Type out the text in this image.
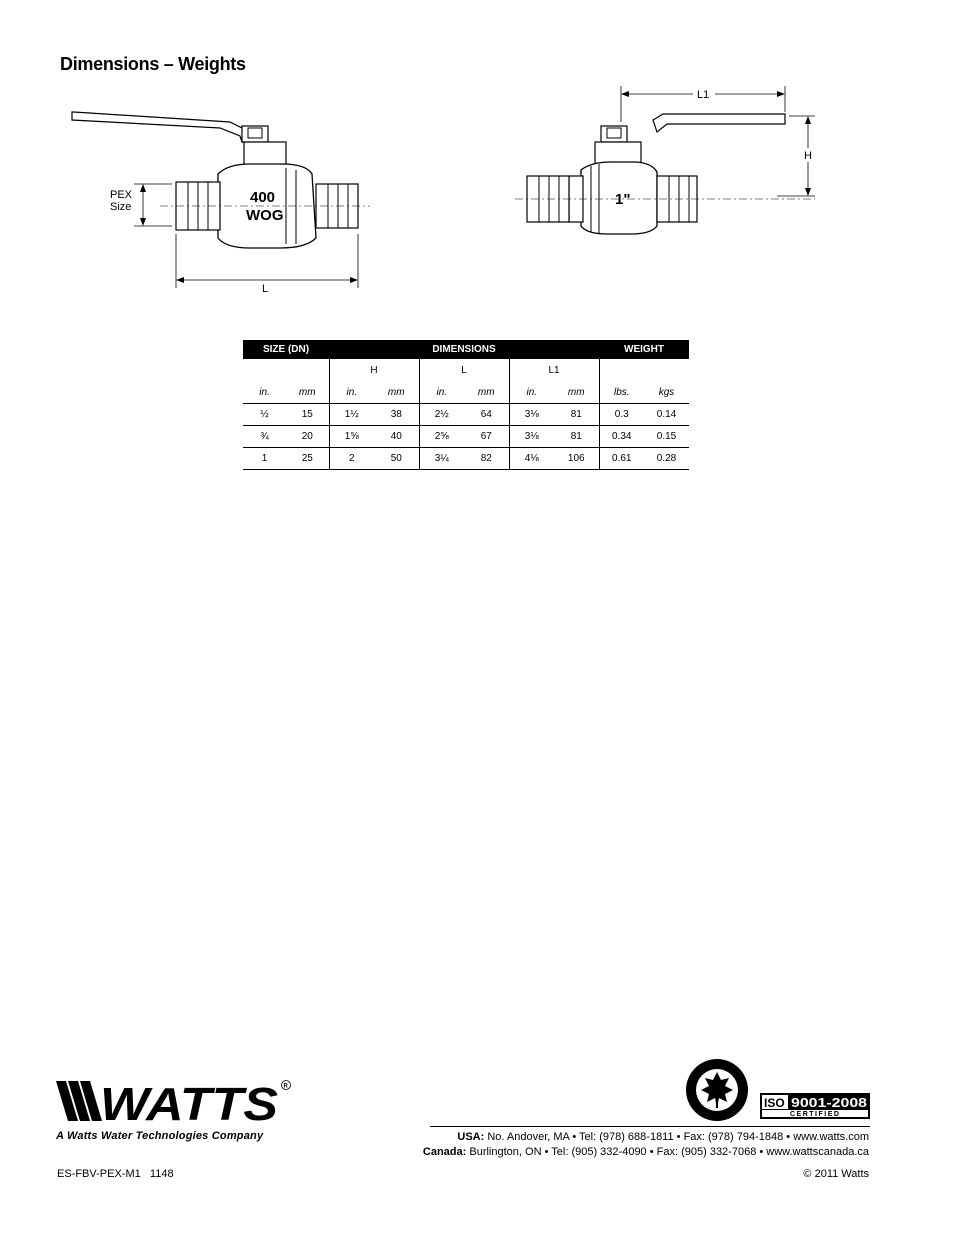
Dimensions – Weights
400
WOG
PEX
Size
L
1"
L1
H
SIZE (DN)		DIMENSIONS						WEIGHT	
		H		L		L1			
in.	mm	in.	mm	in.	mm	in.	mm	lbs.	kgs
½	15	1½	38	2½	64	3⅛	81	0.3	0.14
¾	20	1⅝	40	2⅝	67	3⅛	81	0.34	0.15
1	25	2	50	3¼	82	4⅛	106	0.61	0.28
WATTS R
A Watts Water Technologies Company	USA: No. Andover, MA • Tel: (978) 688-1811 • Fax: (978) 794-1848 • www.watts.com
Canada: Burlington, ON • Tel: (905) 332-4090 • Fax: (905) 332-7068 • www.wattscanada.ca
ES-FBV-PEX-M1   1148	© 2011 Watts
ISO 9001-2008
CERTIFIED
